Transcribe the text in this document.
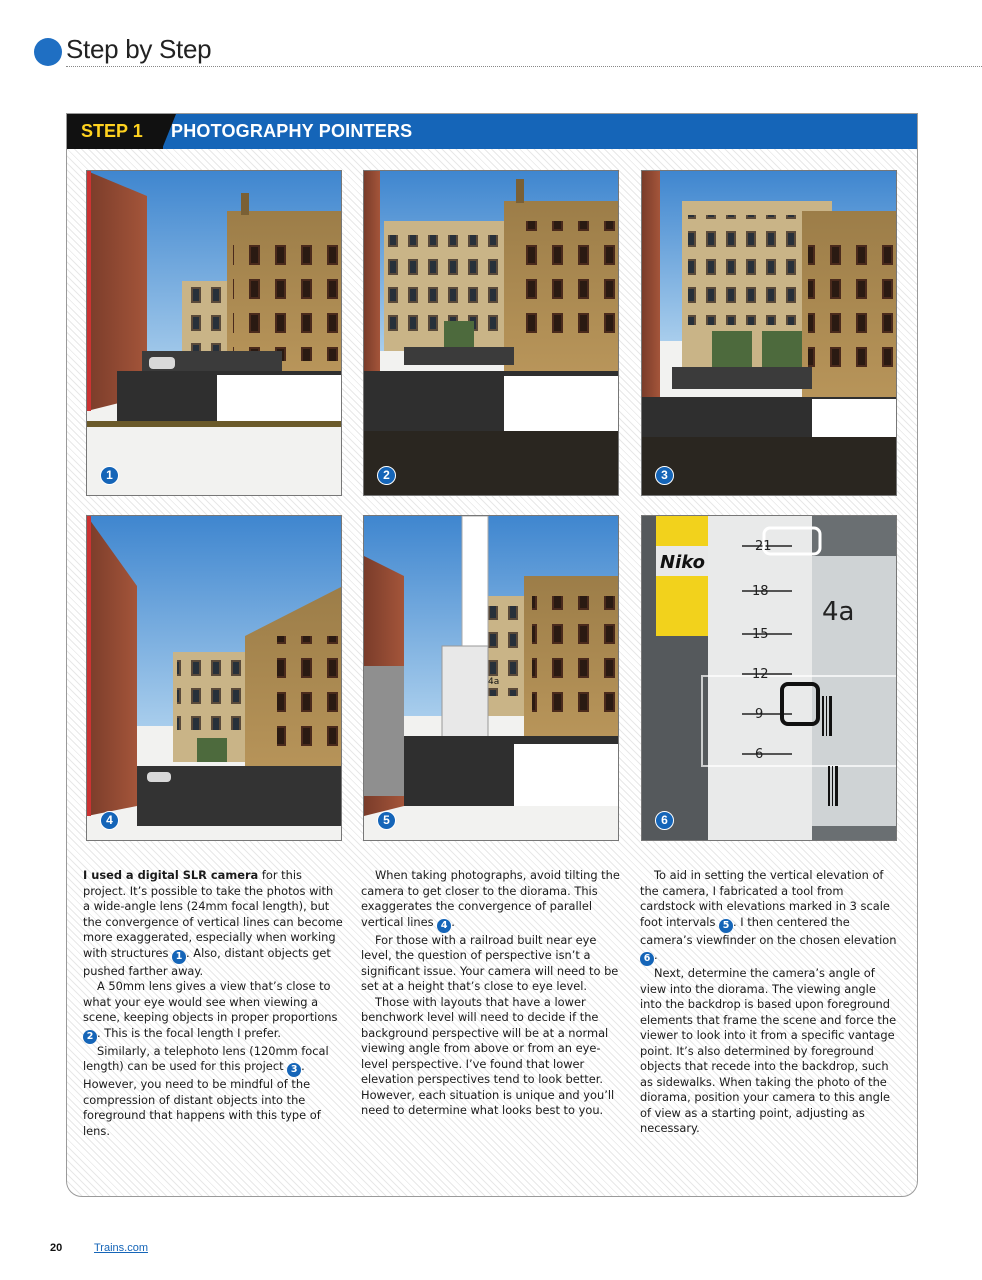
Step by Step
STEP 1	PHOTOGRAPHY POINTERS
1	2	3
4
4a
5
Niko
21
18
15
12
9
6
4a
6

I used a digital SLR camera for this project. It’s possible to take the photos with a wide-angle lens (24mm focal length), but the convergence of vertical lines can become more exaggerated, especially when working with structures 1 . Also, distant objects get pushed farther away.

A 50mm lens gives a view that’s close to what your eye would see when viewing a scene, keeping objects in proper proportions 2 . This is the focal length I prefer.

Similarly, a telephoto lens (120mm focal length) can be used for this project 3 . However, you need to be mindful of the compression of distant objects into the foreground that happens with this type of lens.

When taking photographs, avoid tilting the camera to get closer to the diorama. This exaggerates the convergence of parallel vertical lines 4 .

For those with a railroad built near eye level, the question of perspective isn’t a significant issue. Your camera will need to be set at a height that’s close to eye level.

Those with layouts that have a lower benchwork level will need to decide if the background perspective will be at a normal viewing angle from above or from an eye-level perspective. I’ve found that lower elevation perspectives tend to look better. However, each situation is unique and you’ll need to determine what looks best to you.

To aid in setting the vertical elevation of the camera, I fabricated a tool from cardstock with elevations marked in 3 scale foot intervals 5 . I then centered the camera’s viewfinder on the chosen elevation 6 .

Next, determine the camera’s angle of view into the diorama. The viewing angle into the backdrop is based upon foreground elements that frame the scene and force the viewer to look into it from a specific vantage point. It’s also determined by foreground objects that recede into the backdrop, such as sidewalks. When taking the photo of the diorama, position your camera to this angle of view as a starting point, adjusting as necessary.

20	Trains.com
